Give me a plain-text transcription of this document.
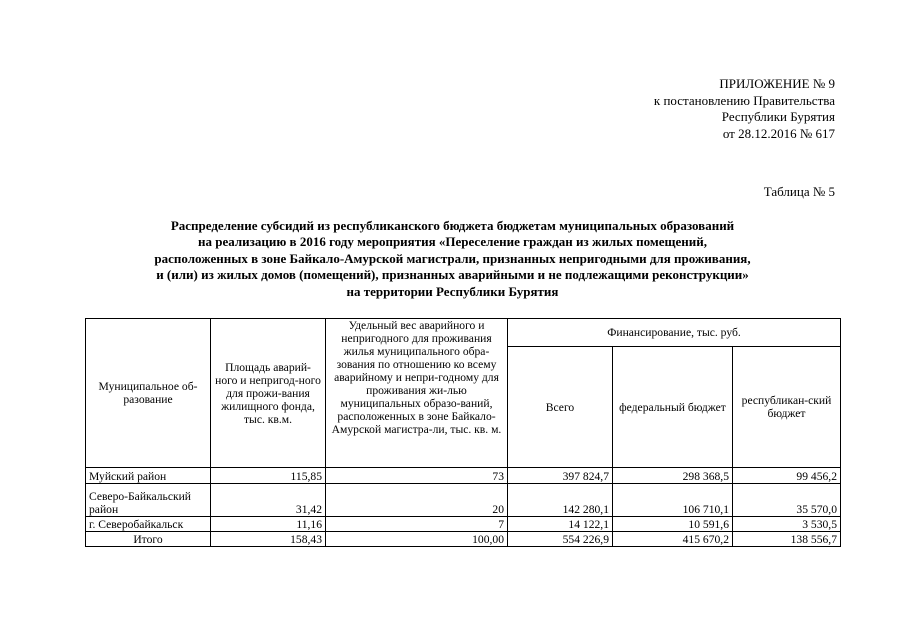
ПРИЛОЖЕНИЕ № 9
к постановлению Правительства
Республики Бурятия
от 28.12.2016 № 617
Таблица № 5
Распределение субсидий из республиканского бюджета бюджетам муниципальных образований
на реализацию в 2016 году мероприятия «Переселение граждан из жилых помещений,
расположенных в зоне Байкало-Амурской магистрали, признанных непригодными для проживания,
и (или) из жилых домов (помещений), признанных аварийными и не подлежащими реконструкции»
на территории Республики Бурятия
Муниципальное об-разование	Площадь аварий-ного и непригод-ного для прожи-вания жилищного фонда, тыс. кв.м.	Удельный вес аварийного и непригодного для проживания жилья муниципального обра-зования по отношению ко всему аварийному и непри-годному для проживания жи-лью муниципальных образо-ваний, расположенных в зоне Байкало-Амурской магистра-ли, тыс. кв. м.	Финансирование, тыс. руб.		
			Всего	федеральный бюджет	республикан-ский бюджет
Муйский район	115,85	73	397 824,7	298 368,5	99 456,2
Северо-Байкальский район	31,42	20	142 280,1	106 710,1	35 570,0
г. Северобайкальск	11,16	7	14 122,1	10 591,6	3 530,5
Итого	158,43	100,00	554 226,9	415 670,2	138 556,7
